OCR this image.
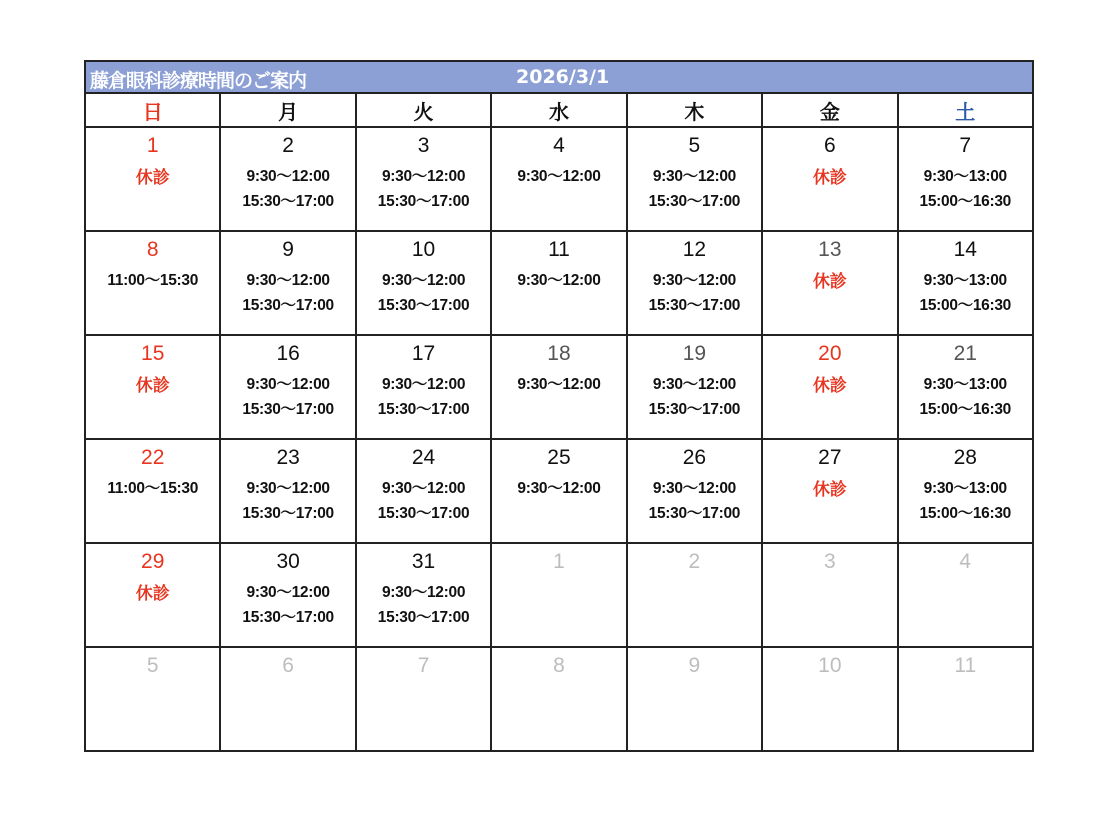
藤倉眼科診療時間のご案内	2026/3/1
日	月	火	水	木	金	土

1
休診	2
9:30〜12:00
15:30〜17:00	3
9:30〜12:00
15:30〜17:00	4
9:30〜12:00	5
9:30〜12:00
15:30〜17:00	6
休診	7
9:30〜13:00
15:00〜16:30

8
11:00〜15:30	9
9:30〜12:00
15:30〜17:00	10
9:30〜12:00
15:30〜17:00	11
9:30〜12:00	12
9:30〜12:00
15:30〜17:00	13
休診	14
9:30〜13:00
15:00〜16:30

15
休診	16
9:30〜12:00
15:30〜17:00	17
9:30〜12:00
15:30〜17:00	18
9:30〜12:00	19
9:30〜12:00
15:30〜17:00	20
休診	21
9:30〜13:00
15:00〜16:30

22
11:00〜15:30	23
9:30〜12:00
15:30〜17:00	24
9:30〜12:00
15:30〜17:00	25
9:30〜12:00	26
9:30〜12:00
15:30〜17:00	27
休診	28
9:30〜13:00
15:00〜16:30

29
休診	30
9:30〜12:00
15:30〜17:00	31
9:30〜12:00
15:30〜17:00	1	2	3	4

5	6	7	8	9	10	11
